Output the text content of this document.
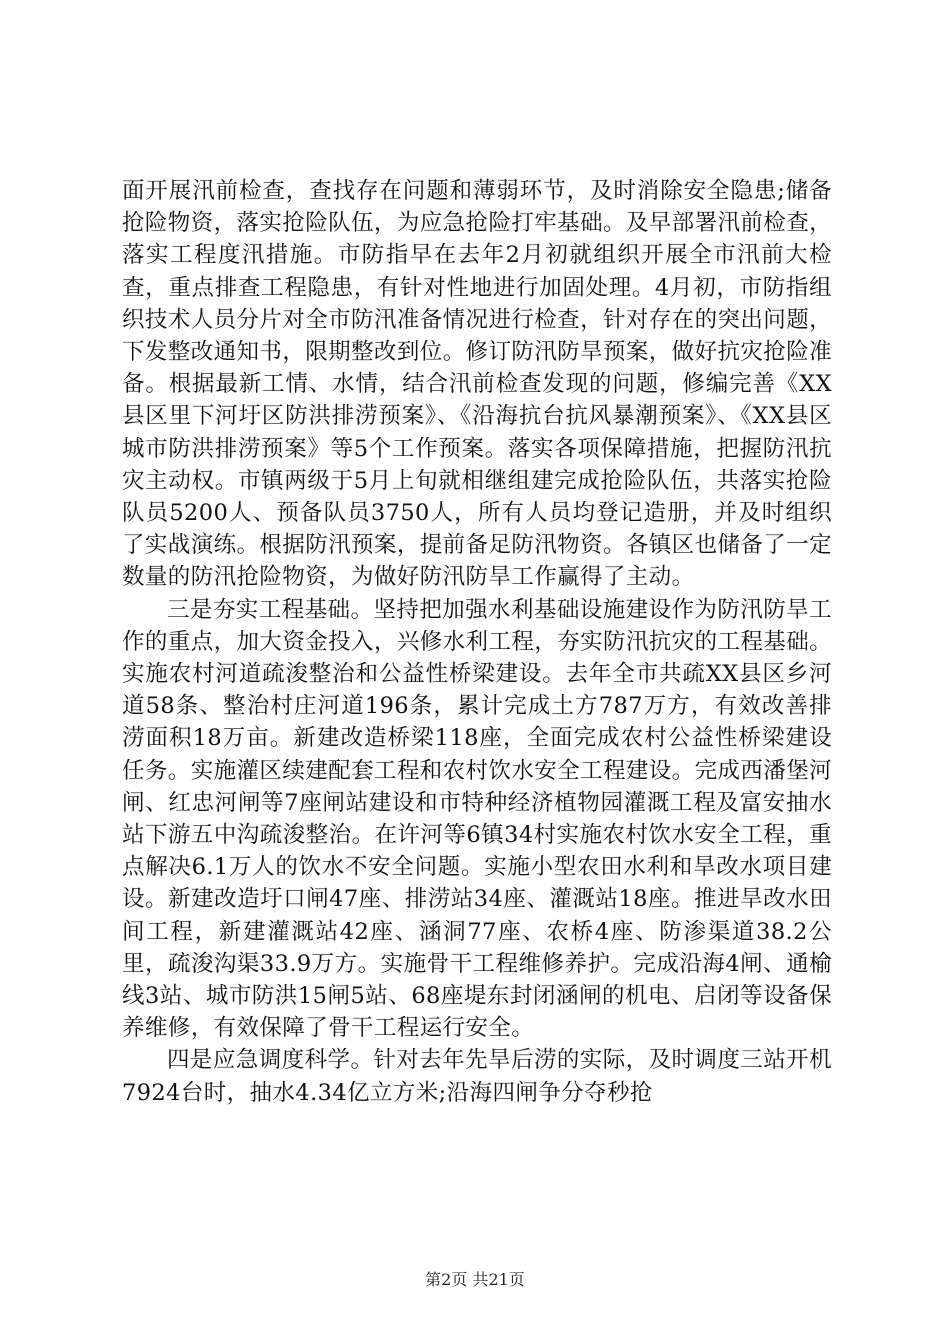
面开展汛前检查，查找存在问题和薄弱环节，及时消除安全隐患;储备抢险物资，落实抢险队伍，为应急抢险打牢基础。及早部署汛前检查，落实工程度汛措施。市防指早在去年2月初就组织开展全市汛前大检查，重点排查工程隐患，有针对性地进行加固处理。4月初，市防指组织技术人员分片对全市防汛准备情况进行检查，针对存在的突出问题，下发整改通知书，限期整改到位。修订防汛防旱预案，做好抗灾抢险准备。根据最新工情、水情，结合汛前检查发现的问题，修编完善《XX县区里下河圩区防洪排涝预案》、《沿海抗台抗风暴潮预案》、《XX县区城市防洪排涝预案》等5个工作预案。落实各项保障措施，把握防汛抗灾主动权。市镇两级于5月上旬就相继组建完成抢险队伍，共落实抢险队员5200人、预备队员3750人，所有人员均登记造册，并及时组织了实战演练。根据防汛预案，提前备足防汛物资。各镇区也储备了一定数量的防汛抢险物资，为做好防汛防旱工作赢得了主动。

三是夯实工程基础。坚持把加强水利基础设施建设作为防汛防旱工作的重点，加大资金投入，兴修水利工程，夯实防汛抗灾的工程基础。实施农村河道疏浚整治和公益性桥梁建设。去年全市共疏XX县区乡河道58条、整治村庄河道196条，累计完成土方787万方，有效改善排涝面积18万亩。新建改造桥梁118座，全面完成农村公益性桥梁建设任务。实施灌区续建配套工程和农村饮水安全工程建设。完成西潘堡河闸、红忠河闸等7座闸站建设和市特种经济植物园灌溉工程及富安抽水站下游五中沟疏浚整治。在许河等6镇34村实施农村饮水安全工程，重点解决6.1万人的饮水不安全问题。实施小型农田水利和旱改水项目建设。新建改造圩口闸47座、排涝站34座、灌溉站18座。推进旱改水田间工程，新建灌溉站42座、涵洞77座、农桥4座、防渗渠道38.2公里，疏浚沟渠33.9万方。实施骨干工程维修养护。完成沿海4闸、通榆线3站、城市防洪15闸5站、68座堤东封闭涵闸的机电、启闭等设备保养维修，有效保障了骨干工程运行安全。

四是应急调度科学。针对去年先旱后涝的实际，及时调度三站开机7924台时，抽水4.34亿立方米;沿海四闸争分夺秒抢

第2页 共21页
